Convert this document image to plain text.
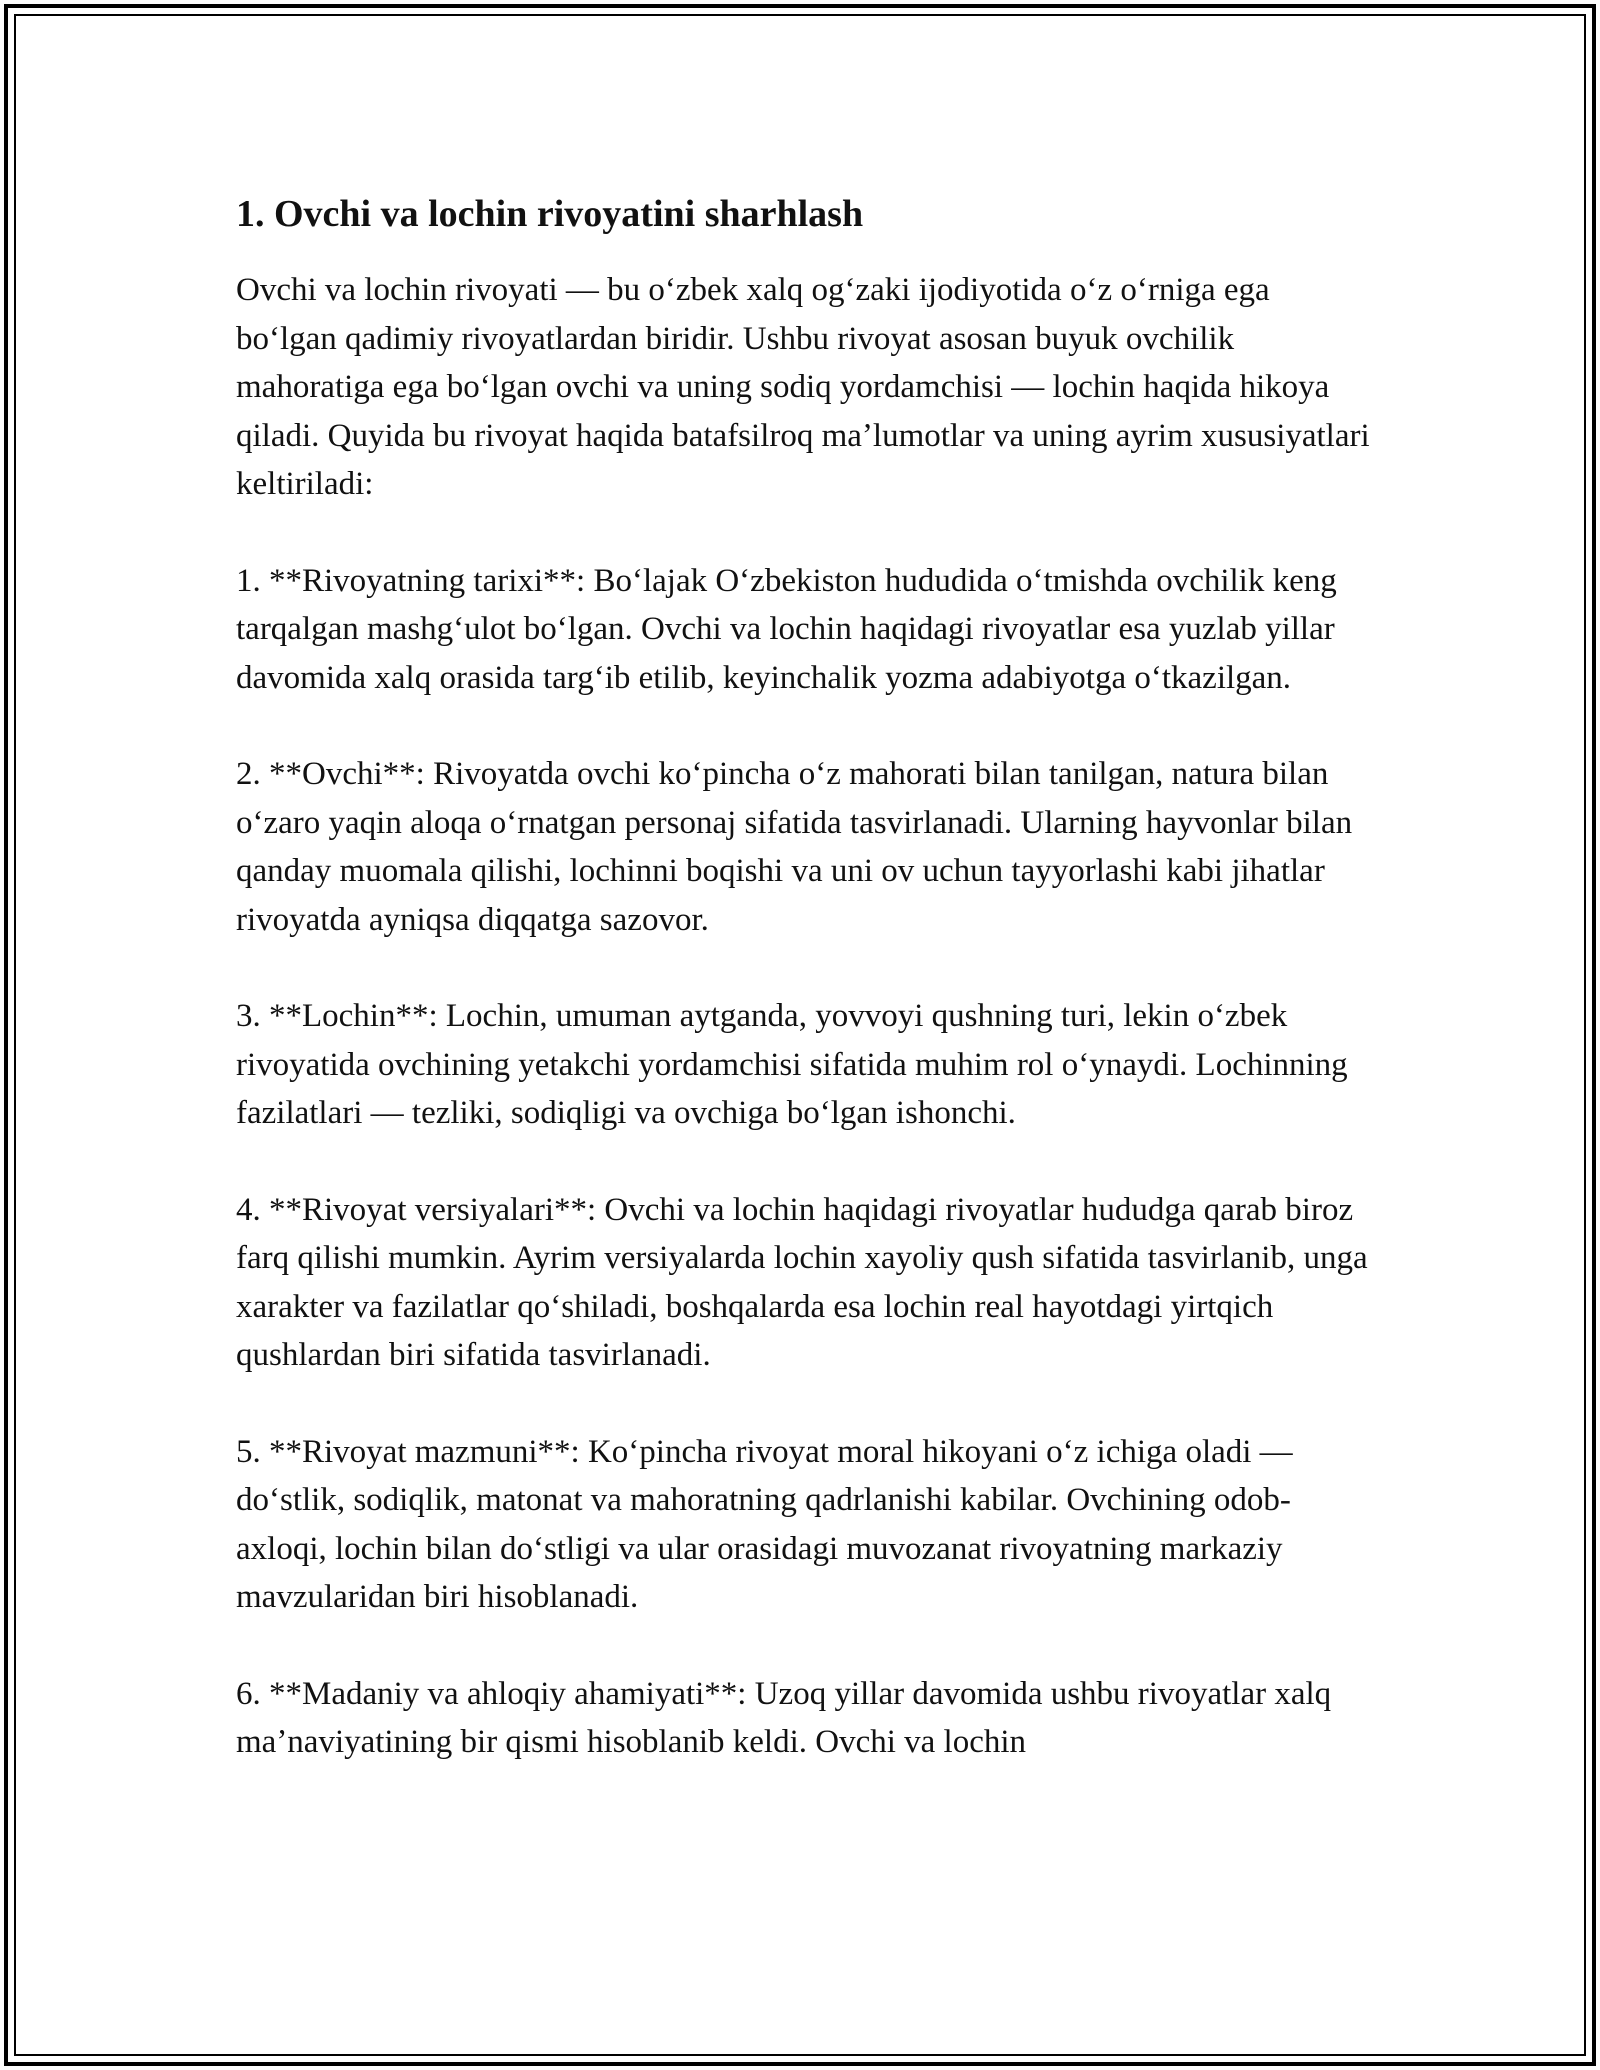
1. Ovchi va lochin rivoyatini sharhlash

Ovchi va lochin rivoyati — bu oʻzbek xalq ogʻzaki ijodiyotida oʻz oʻrniga ega boʻlgan qadimiy rivoyatlardan biridir. Ushbu rivoyat asosan buyuk ovchilik mahoratiga ega boʻlgan ovchi va uning sodiq yordamchisi — lochin haqida hikoya qiladi. Quyida bu rivoyat haqida batafsilroq maʼlumotlar va uning ayrim xususiyatlari keltiriladi:

1. **Rivoyatning tarixi**: Boʻlajak Oʻzbekiston hududida oʻtmishda ovchilik keng tarqalgan mashgʻulot boʻlgan. Ovchi va lochin haqidagi rivoyatlar esa yuzlab yillar davomida xalq orasida targʻib etilib, keyinchalik yozma adabiyotga oʻtkazilgan.

2. **Ovchi**: Rivoyatda ovchi koʻpincha oʻz mahorati bilan tanilgan, natura bilan oʻzaro yaqin aloqa oʻrnatgan personaj sifatida tasvirlanadi. Ularning hayvonlar bilan qanday muomala qilishi, lochinni boqishi va uni ov uchun tayyorlashi kabi jihatlar rivoyatda ayniqsa diqqatga sazovor.

3. **Lochin**: Lochin, umuman aytganda, yovvoyi qushning turi, lekin oʻzbek rivoyatida ovchining yetakchi yordamchisi sifatida muhim rol oʻynaydi. Lochinning fazilatlari — tezliki, sodiqligi va ovchiga boʻlgan ishonchi.

4. **Rivoyat versiyalari**: Ovchi va lochin haqidagi rivoyatlar hududga qarab biroz farq qilishi mumkin. Ayrim versiyalarda lochin xayoliy qush sifatida tasvirlanib, unga xarakter va fazilatlar qoʻshiladi, boshqalarda esa lochin real hayotdagi yirtqich qushlardan biri sifatida tasvirlanadi.

5. **Rivoyat mazmuni**: Koʻpincha rivoyat moral hikoyani oʻz ichiga oladi — doʻstlik, sodiqlik, matonat va mahoratning qadrlanishi kabilar. Ovchining odob-axloqi, lochin bilan doʻstligi va ular orasidagi muvozanat rivoyatning markaziy mavzularidan biri hisoblanadi.

6. **Madaniy va ahloqiy ahamiyati**: Uzoq yillar davomida ushbu rivoyatlar xalq maʼnaviyatining bir qismi hisoblanib keldi. Ovchi va lochin
